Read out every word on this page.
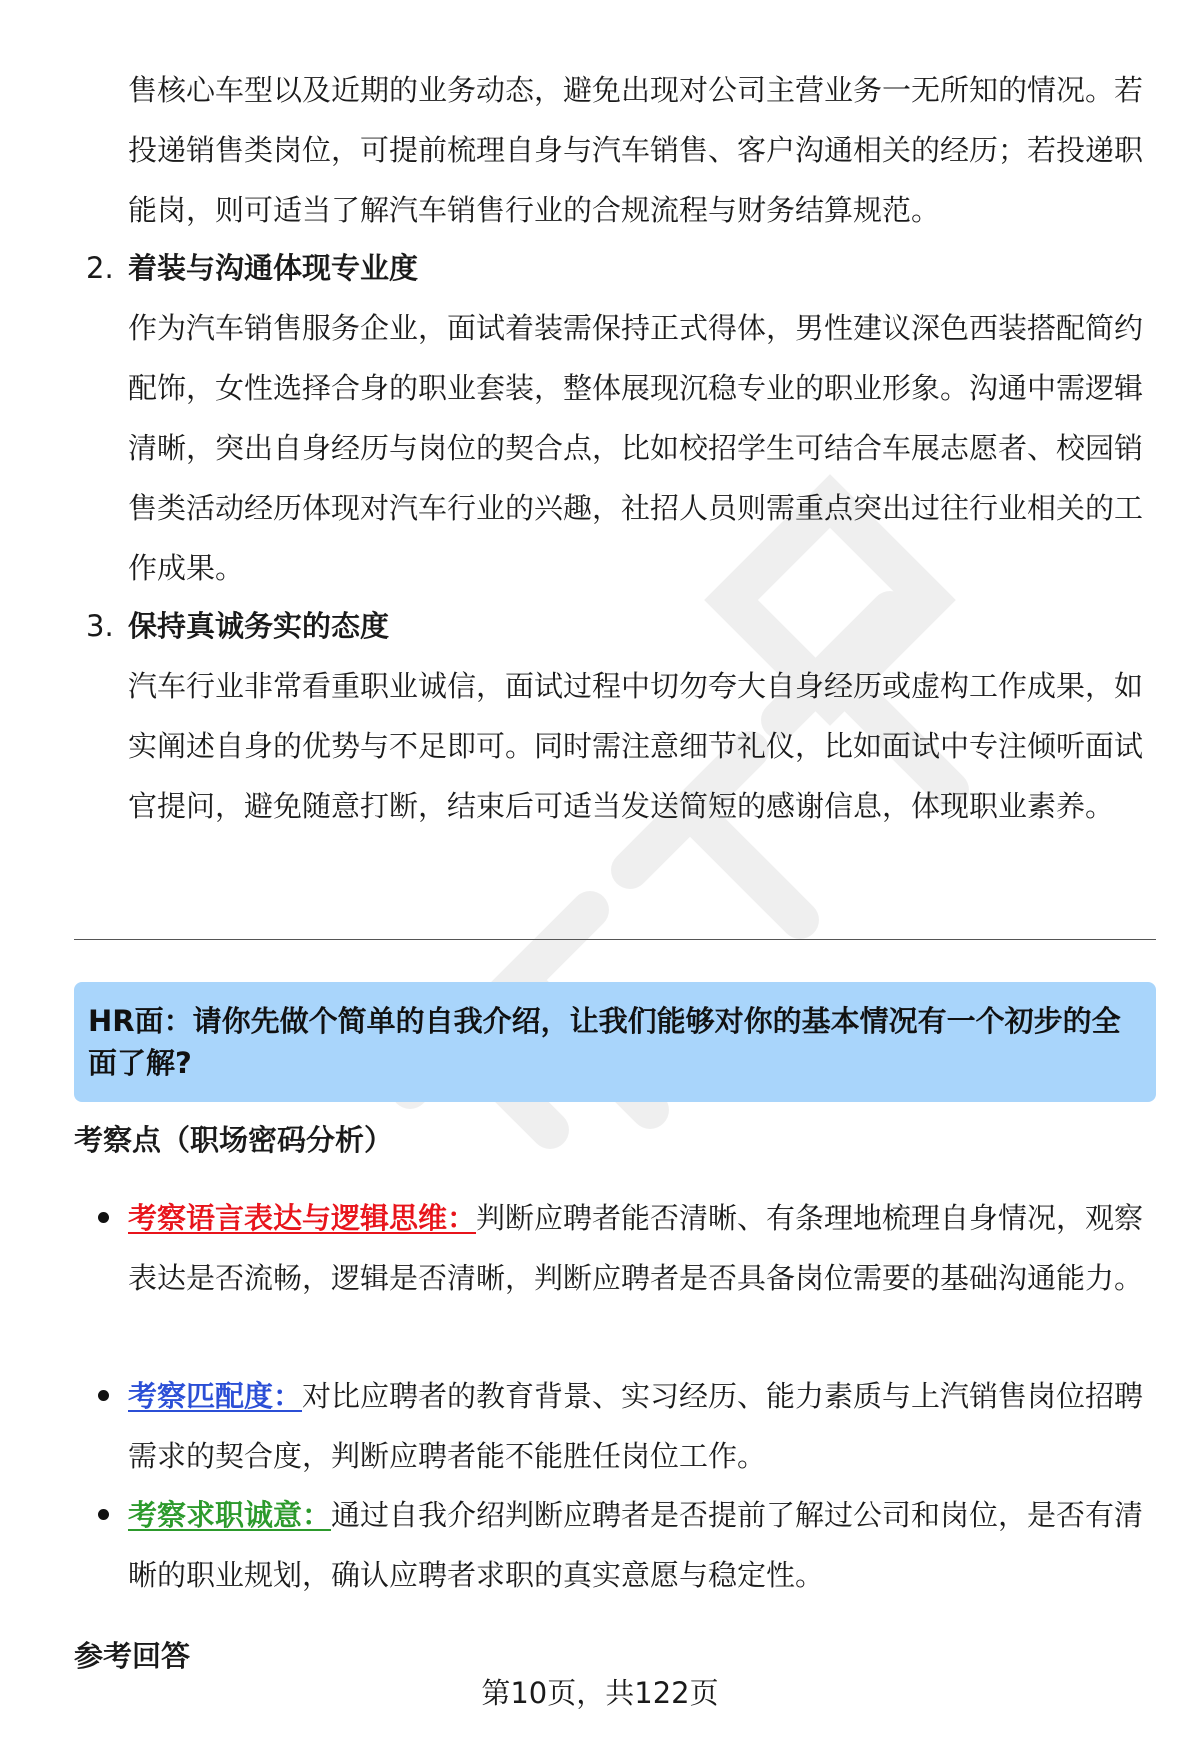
售核心车型以及近期的业务动态，避免出现对公司主营业务一无所知的情况。若投递销售类岗位，可提前梳理自身与汽车销售、客户沟通相关的经历；若投递职能岗，则可适当了解汽车销售行业的合规流程与财务结算规范。

2. 着装与沟通体现专业度

作为汽车销售服务企业，面试着装需保持正式得体，男性建议深色西装搭配简约配饰，女性选择合身的职业套装，整体展现沉稳专业的职业形象。沟通中需逻辑清晰，突出自身经历与岗位的契合点，比如校招学生可结合车展志愿者、校园销售类活动经历体现对汽车行业的兴趣，社招人员则需重点突出过往行业相关的工作成果。

3. 保持真诚务实的态度

汽车行业非常看重职业诚信，面试过程中切勿夸大自身经历或虚构工作成果，如实阐述自身的优势与不足即可。同时需注意细节礼仪，比如面试中专注倾听面试官提问，避免随意打断，结束后可适当发送简短的感谢信息，体现职业素养。

HR面：请你先做个简单的自我介绍，让我们能够对你的基本情况有一个初步的全面了解?
考察点（职场密码分析）
考察语言表达与逻辑思维：判断应聘者能否清晰、有条理地梳理自身情况，观察表达是否流畅，逻辑是否清晰，判断应聘者是否具备岗位需要的基础沟通能力。
考察匹配度：对比应聘者的教育背景、实习经历、能力素质与上汽销售岗位招聘需求的契合度，判断应聘者能不能胜任岗位工作。
考察求职诚意：通过自我介绍判断应聘者是否提前了解过公司和岗位，是否有清晰的职业规划，确认应聘者求职的真实意愿与稳定性。
参考回答
第10页，共122页
